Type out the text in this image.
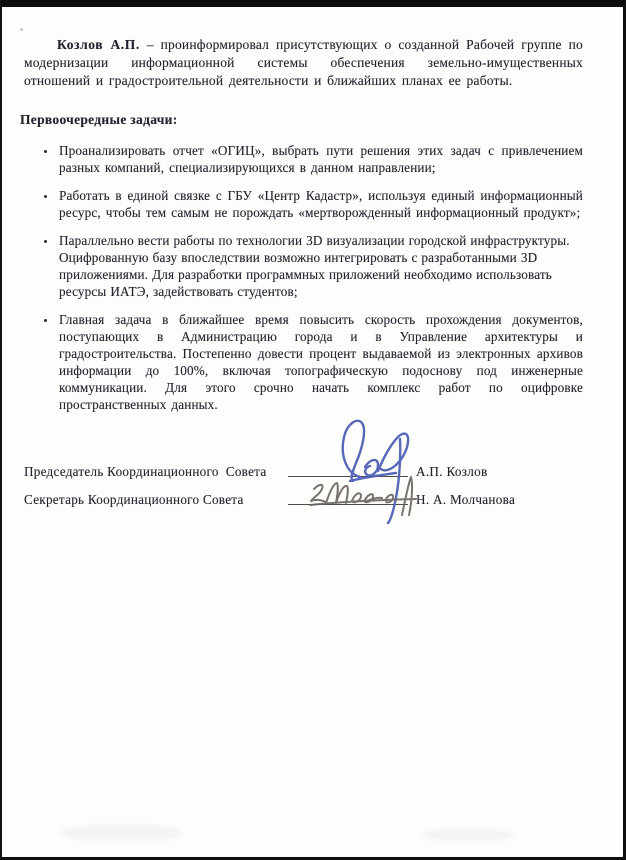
Козлов А.П. – проинформировал присутствующих о созданной Рабочей группе по модернизации информационной системы обеспечения земельно-имущественных отношений и градостроительной деятельности и ближайших планах ее работы.

Первоочередные задачи:

• Проанализировать отчет «ОГИЦ», выбрать пути решения этих задач с привлечением разных компаний, специализирующихся в данном направлении;
• Работать в единой связке с ГБУ «Центр Кадастр», используя единый информационный ресурс, чтобы тем самым не порождать «мертворожденный информационный продукт»;
• Параллельно вести работы по технологии 3D визуализации городской инфраструктуры. Оцифрованную базу впоследствии возможно интегрировать с разработанными 3D приложениями. Для разработки программных приложений необходимо использовать ресурсы ИАТЭ, задействовать студентов;
• Главная задача в ближайшее время повысить скорость прохождения документов, поступающих в Администрацию города и в Управление архитектуры и градостроительства. Постепенно довести процент выдаваемой из электронных архивов информации до 100%, включая топографическую подоснову под инженерные коммуникации. Для этого срочно начать комплекс работ по оцифровке пространственных данных.
Председатель Координационного  Совета	А.П. Козлов
Секретарь Координационного Совета	Н. А. Молчанова
